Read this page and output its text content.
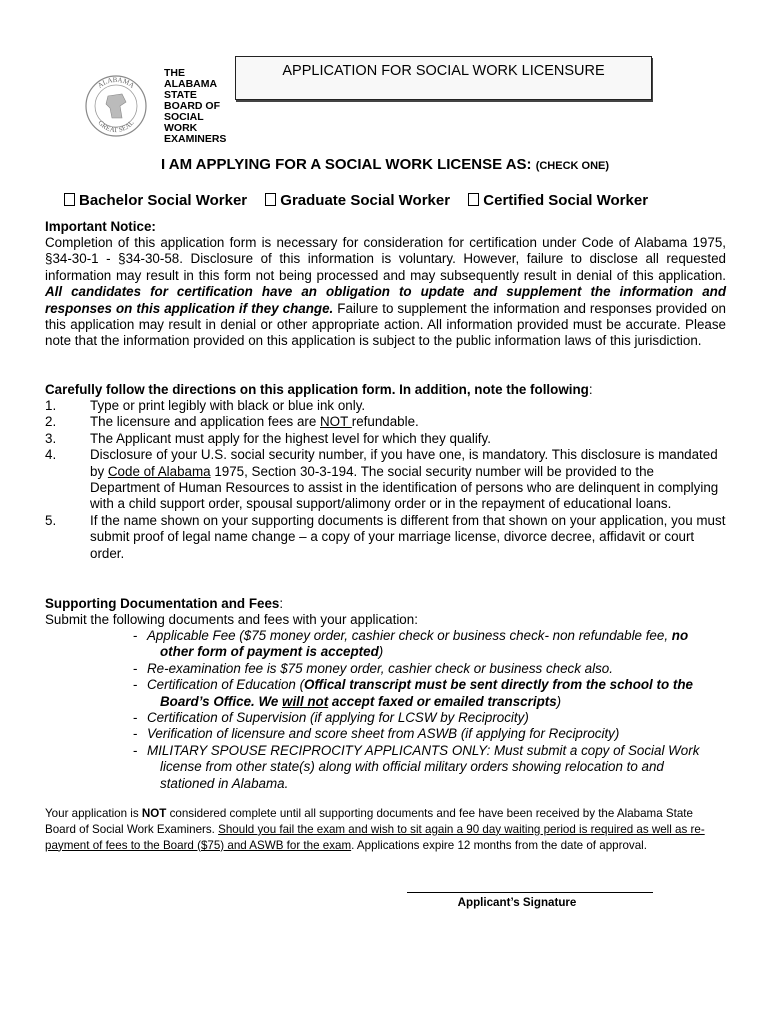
ALABAMA
GREAT SEAL
THE
ALABAMA
STATE
BOARD OF
SOCIAL
WORK
EXAMINERS
APPLICATION FOR SOCIAL WORK LICENSURE
I AM APPLYING FOR A SOCIAL WORK LICENSE AS: (CHECK ONE)
Bachelor Social Worker Graduate Social Worker Certified Social Worker
Important Notice:
Completion of this application form is necessary for consideration for certification under Code of Alabama 1975, §34-30-1 - §34-30-58. Disclosure of this information is voluntary. However, failure to disclose all requested information may result in this form not being processed and may subsequently result in denial of this application. All candidates for certification have an obligation to update and supplement the information and responses on this application if they change. Failure to supplement the information and responses provided on this application may result in denial or other appropriate action. All information provided must be accurate. Please note that the information provided on this application is subject to the public information laws of this jurisdiction.
Carefully follow the directions on this application form. In addition, note the following:
1.	Type or print legibly with black or blue ink only.
2.	The licensure and application fees are NOT refundable.
3.	The Applicant must apply for the highest level for which they qualify.
4.	Disclosure of your U.S. social security number, if you have one, is mandatory. This disclosure is mandated by Code of Alabama 1975, Section 30-3-194. The social security number will be provided to the Department of Human Resources to assist in the identification of persons who are delinquent in complying with a child support order, spousal support/alimony order or in the repayment of educational loans.
5.	If the name shown on your supporting documents is different from that shown on your application, you must submit proof of legal name change – a copy of your marriage license, divorce decree, affidavit or court order.
Supporting Documentation and Fees:
Submit the following documents and fees with your application:
- Applicable Fee ($75 money order, cashier check or business check- non refundable fee, no
other form of payment is accepted)
- Re-examination fee is $75 money order, cashier check or business check also.
- Certification of Education (Offical transcript must be sent directly from the school to the
Board’s Office. We will not accept faxed or emailed transcripts)
- Certification of Supervision (if applying for LCSW by Reciprocity)
- Verification of licensure and score sheet from ASWB (if applying for Reciprocity)
- MILITARY SPOUSE RECIPROCITY APPLICANTS ONLY: Must submit a copy of Social Work
license from other state(s) along with official military orders showing relocation to and
stationed in Alabama.
Your application is NOT considered complete until all supporting documents and fee have been received by the Alabama State Board of Social Work Examiners. Should you fail the exam and wish to sit again a 90 day waiting period is required as well as re-payment of fees to the Board ($75) and ASWB for the exam. Applications expire 12 months from the date of approval.
Applicant’s Signature
